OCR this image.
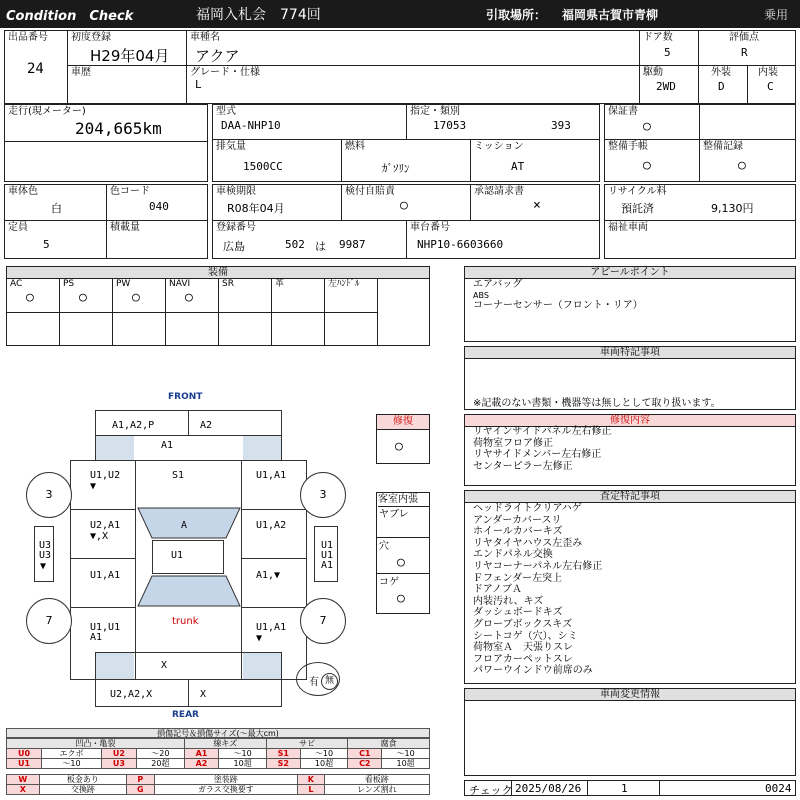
Condition　Check	福岡入札会　774回	引取場所： 福岡県古賀市青柳	乗用
出品番号
24
初度登録
H29年04月
車種名
アクア
ドア数
5
評価点
R
車歴	グレード・仕様
L
駆動
2WD
外装
D
内装
C
走行(現メーター)
204,665km
型式
DAA-NHP10
指定・類別
17053	393
保証書
○
排気量
1500CC
燃料
ｶﾞｿﾘﾝ
ミッション
AT
整備手帳
○
整備記録
○
車体色
白
色コード
040
車検期限
R08年04月
検付自賠責
○
承認請求書
×
リサイクル料
預託済	9,130円
定員
5
積載量	登録番号
広島	502 は 9987
車台番号
NHP10-6603660
福祉車両
装備
AC
○
PS
○
PW
○
NAVI
○
SR	革	左ﾊﾝﾄﾞﾙ
アピールポイント
エアバッグ
ABS
コーナーセンサー（フロント・リア）
車両特記事項
※記載のない書類・機器等は無しとして取り扱います。
修復内容
リヤインサイドパネル左右修正
荷物室フロア修正
リヤサイドメンバー左右修正
センターピラー左修正
査定特記事項
ヘッドライトクリアハゲ
アンダーカバースリ
ホイールカバーキズ
リヤタイヤハウス左歪み
エンドパネル交換
リヤコーナーパネル左右修正
Ｆフェンダー左突上
ドアノブＡ
内装汚れ、キズ
ダッシュボードキズ
グローブボックスキズ
シートコゲ（穴）、シミ
荷物室Ａ　天張りスレ
フロアカーペットスレ
パワーウインドウ前席のみ
車両変更情報
チェック 2025/08/26	1	0024
修復
○
客室内張
ヤブレ
穴
○
コゲ
○
FRONT
A1,A2,P	A2
A1
U1,U2
▼
S1	U1,A1
A
U2,A1
▼,X
U1,A2
U1
U1,A1	A1,▼
U1,U1
A1
trunk
U1,A1
▼
X
U2,A2,X	X
REAR
3	3
7	7
U3
U3
▼
U1
U1
A1
有 無
損傷記号＆損傷サイズ(～最大cm)
凹凸・亀裂				線キズ		サビ		腐食	
U0	エクボ	U2	～20	A1	～10	S1	～10	C1	～10
U1	～10	U3	20超	A2	10超	S2	10超	C2	10超
W	板金あり	P	塗装跡	K	看板跡
X	交換跡	G	ガラス交換要す	L	レンズ割れ
